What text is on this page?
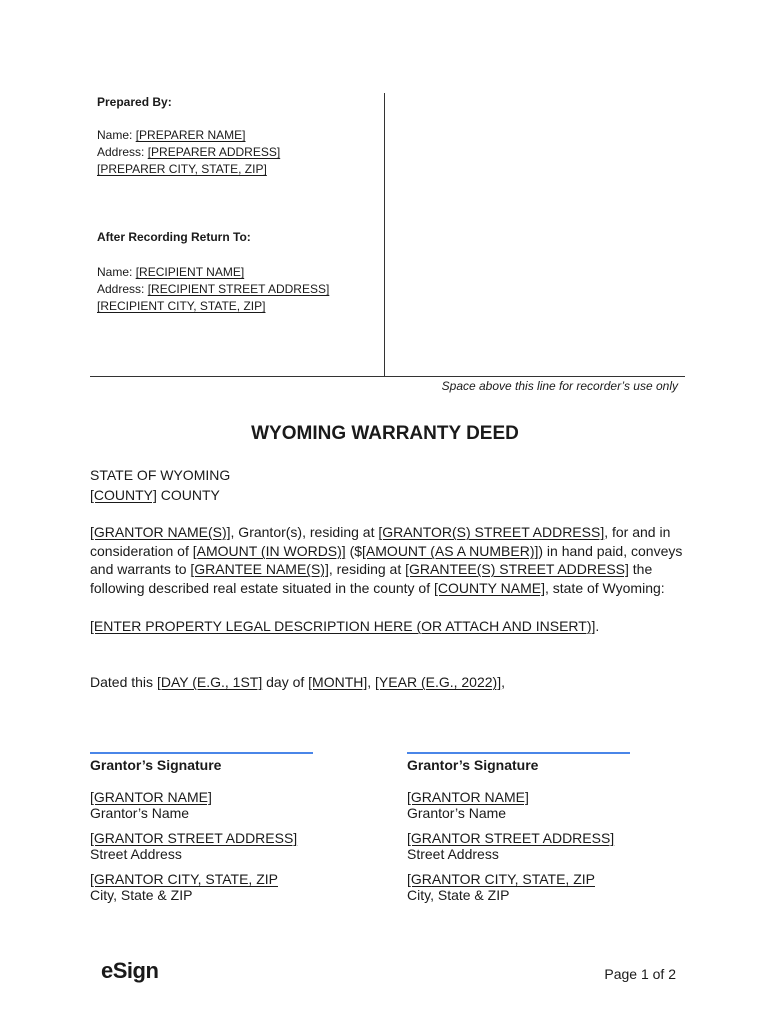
Prepared By:
Name: [PREPARER NAME]
Address: [PREPARER ADDRESS]
[PREPARER CITY, STATE, ZIP]
After Recording Return To:
Name: [RECIPIENT NAME]
Address: [RECIPIENT STREET ADDRESS]
[RECIPIENT CITY, STATE, ZIP]
Space above this line for recorder’s use only
WYOMING WARRANTY DEED
STATE OF WYOMING
[COUNTY] COUNTY
[GRANTOR NAME(S)], Grantor(s), residing at [GRANTOR(S) STREET ADDRESS], for and in
consideration of [AMOUNT (IN WORDS)] ($[AMOUNT (AS A NUMBER)]) in hand paid, conveys
and warrants to [GRANTEE NAME(S)], residing at [GRANTEE(S) STREET ADDRESS] the
following described real estate situated in the county of [COUNTY NAME], state of Wyoming:
[ENTER PROPERTY LEGAL DESCRIPTION HERE (OR ATTACH AND INSERT)].
Dated this [DAY (E.G., 1ST] day of [MONTH], [YEAR (E.G., 2022)],
Grantor’s Signature
[GRANTOR NAME]
Grantor’s Name
[GRANTOR STREET ADDRESS]
Street Address
[GRANTOR CITY, STATE, ZIP
City, State & ZIP
Grantor’s Signature
[GRANTOR NAME]
Grantor’s Name
[GRANTOR STREET ADDRESS]
Street Address
[GRANTOR CITY, STATE, ZIP
City, State & ZIP
eSign	Page 1 of 2
